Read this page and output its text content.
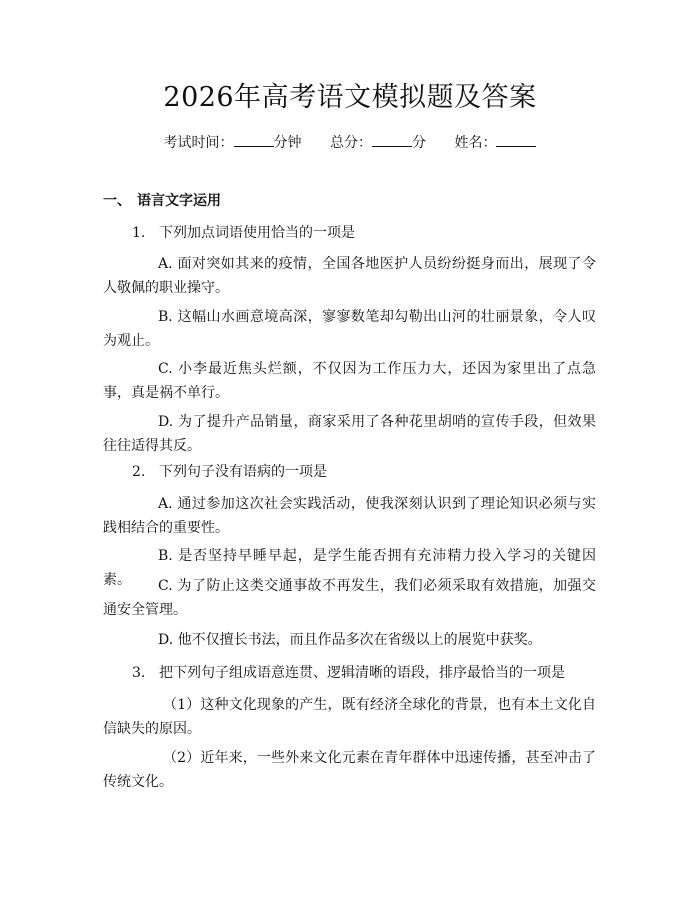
2026年高考语文模拟题及答案
考试时间：	分钟 总分：	分 姓名：
一、 语言文字运用
1. 下列加点词语使用恰当的一项是
A. 面对突如其来的疫情，全国各地医护人员纷纷挺身而出，展现了令人敬佩的职业操守。
B. 这幅山水画意境高深，寥寥数笔却勾勒出山河的壮丽景象，令人叹为观止。
C. 小李最近焦头烂额，不仅因为工作压力大，还因为家里出了点急事，真是祸不单行。
D. 为了提升产品销量，商家采用了各种花里胡哨的宣传手段，但效果往往适得其反。
2. 下列句子没有语病的一项是
A. 通过参加这次社会实践活动，使我深刻认识到了理论知识必须与实践相结合的重要性。
B. 是否坚持早睡早起，是学生能否拥有充沛精力投入学习的关键因素。	C. 为了防止这类交通事故不再发生，我们必须采取有效措施，加强交通安全管理。
D. 他不仅擅长书法，而且作品多次在省级以上的展览中获奖。
3. 把下列句子组成语意连贯、逻辑清晰的语段，排序最恰当的一项是
（1）这种文化现象的产生，既有经济全球化的背景，也有本土文化自信缺失的原因。
（2）近年来，一些外来文化元素在青年群体中迅速传播，甚至冲击了传统文化。
